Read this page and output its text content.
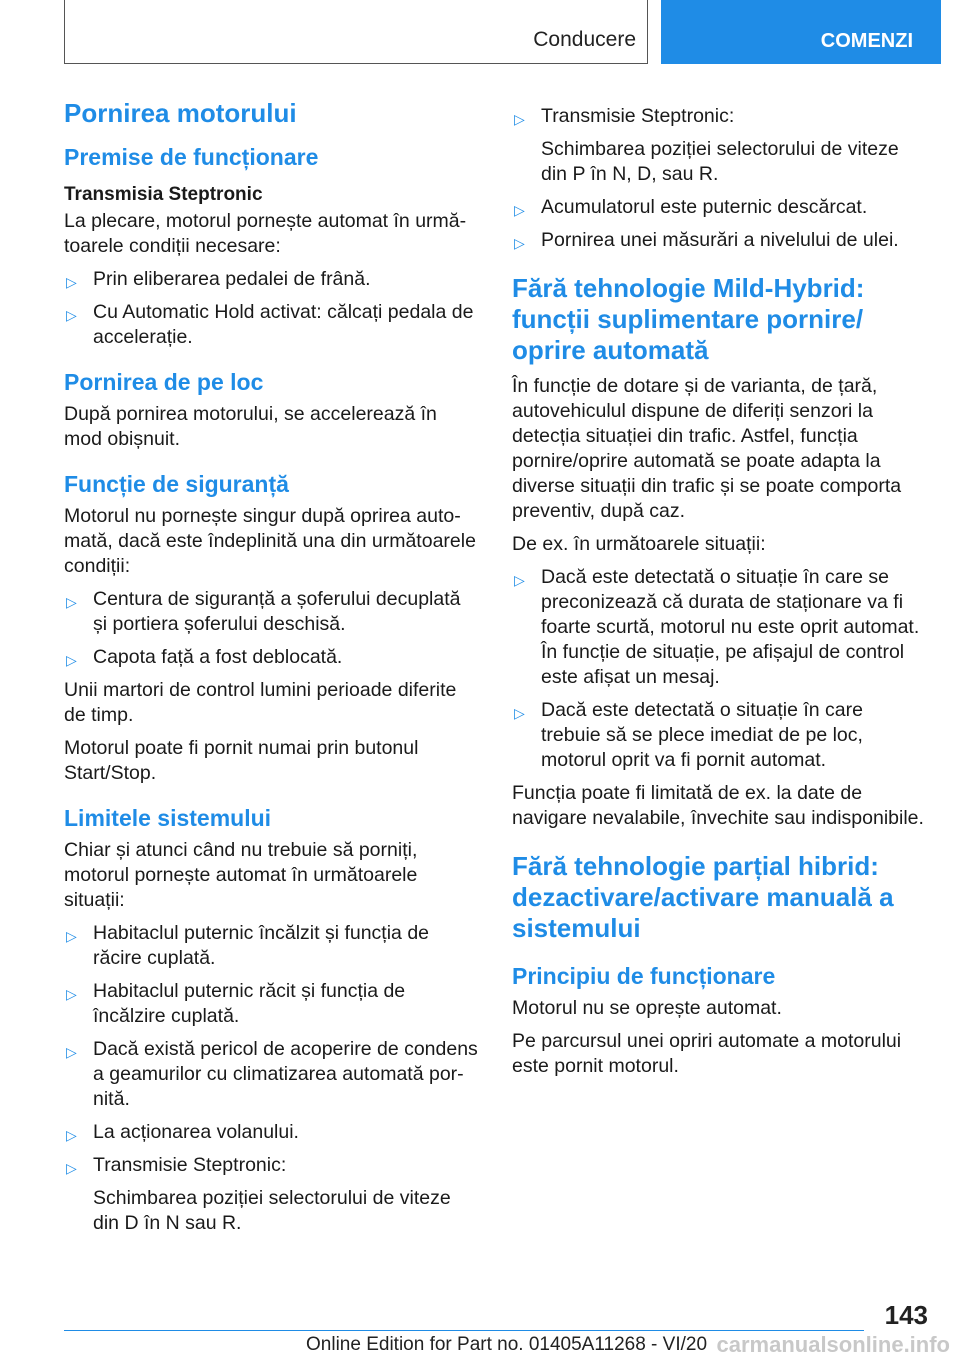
Conducere	COMENZI
Pornirea motorului
Premise de funcționare
Transmisia Steptronic
La plecare, motorul pornește automat în următoarele condiții necesare:
▷ Prin eliberarea pedalei de frână.
▷ Cu Automatic Hold activat: călcați pedala de accelerație.
Pornirea de pe loc
După pornirea motorului, se accelerează în mod obișnuit.
Funcție de siguranță
Motorul nu pornește singur după oprirea automată, dacă este îndeplinită una din următoarele condiții:
▷ Centura de siguranță a șoferului decuplată și portiera șoferului deschisă.
▷ Capota față a fost deblocată.
Unii martori de control lumini perioade diferite de timp.
Motorul poate fi pornit numai prin butonul Start/Stop.
Limitele sistemului
Chiar și atunci când nu trebuie să porniți, motorul pornește automat în următoarele situații:
▷ Habitaclul puternic încălzit și funcția de răcire cuplată.
▷ Habitaclul puternic răcit și funcția de încălzire cuplată.
▷ Dacă există pericol de acoperire de condens a geamurilor cu climatizarea automată pornită.
▷ La acționarea volanului.
▷ Transmisie Steptronic:
Schimbarea poziției selectorului de viteze din D în N sau R.
▷ Transmisie Steptronic:
Schimbarea poziției selectorului de viteze din P în N, D, sau R.
▷ Acumulatorul este puternic descărcat.
▷ Pornirea unei măsurări a nivelului de ulei.
Fără tehnologie Mild-Hybrid: funcții suplimentare pornire/ oprire automată
În funcție de dotare și de varianta, de țară, autovehiculul dispune de diferiți senzori la detecția situației din trafic. Astfel, funcția pornire/oprire automată se poate adapta la diverse situații din trafic și se poate comporta preventiv, după caz.
De ex. în următoarele situații:
▷ Dacă este detectată o situație în care se preconizează că durata de staționare va fi foarte scurtă, motorul nu este oprit automat. În funcție de situație, pe afișajul de control este afișat un mesaj.
▷ Dacă este detectată o situație în care trebuie să se plece imediat de pe loc, motorul oprit va fi pornit automat.
Funcția poate fi limitată de ex. la date de navigare nevalabile, învechite sau indisponibile.
Fără tehnologie parțial hibrid: dezactivare/activare manuală a sistemului
Principiu de funcționare
Motorul nu se oprește automat.
Pe parcursul unei opriri automate a motorului este pornit motorul.
143
Online Edition for Part no. 01405A11268 - VI/20 carmanualsonline.info
